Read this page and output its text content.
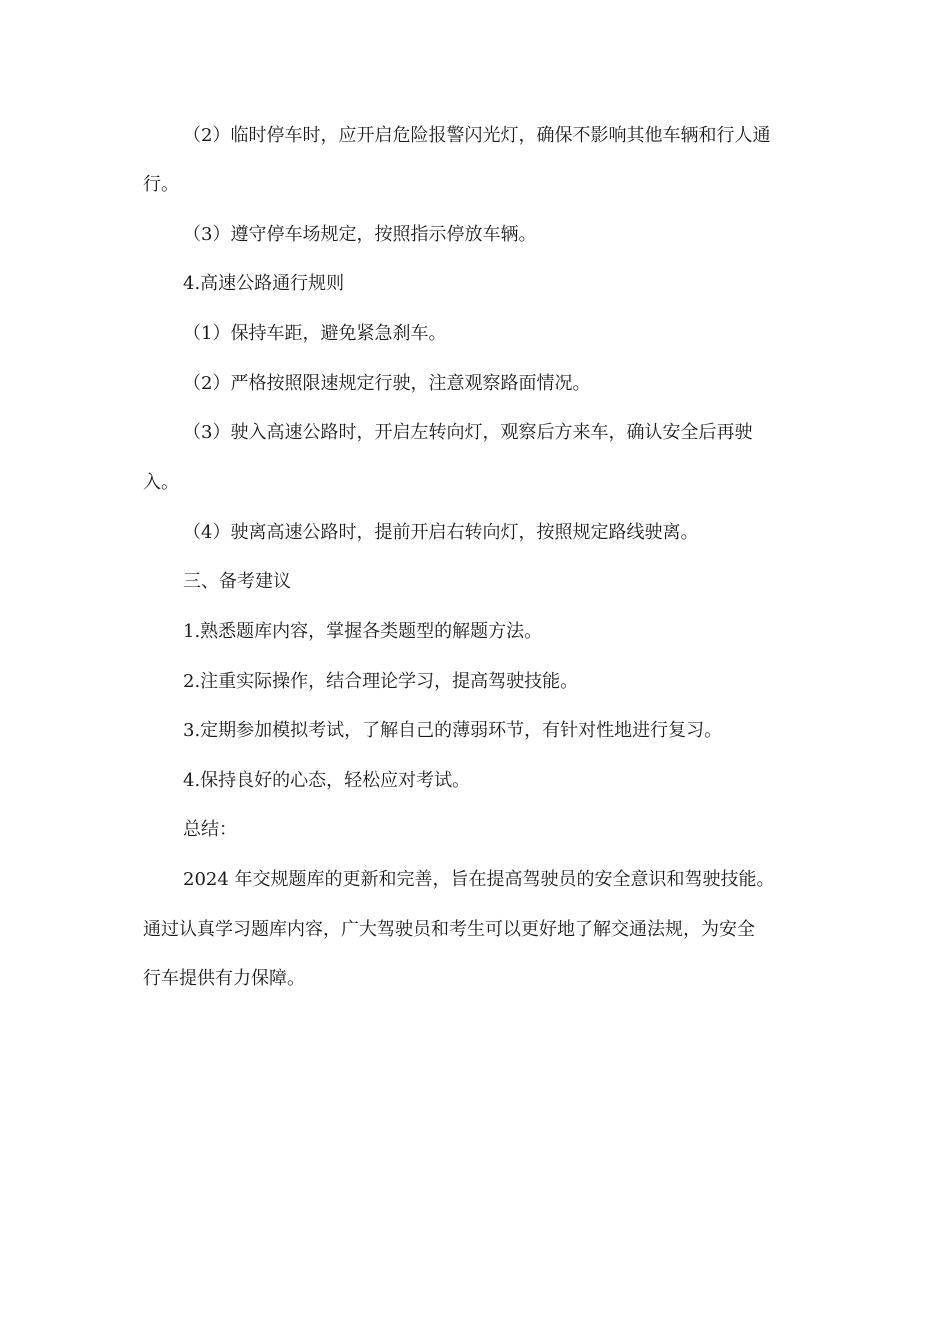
（2）临时停车时，应开启危险报警闪光灯，确保不影响其他车辆和行人通
行。
（3）遵守停车场规定，按照指示停放车辆。
4.高速公路通行规则
（1）保持车距，避免紧急刹车。
（2）严格按照限速规定行驶，注意观察路面情况。
（3）驶入高速公路时，开启左转向灯，观察后方来车，确认安全后再驶
入。
（4）驶离高速公路时，提前开启右转向灯，按照规定路线驶离。
三、备考建议
1.熟悉题库内容，掌握各类题型的解题方法。
2.注重实际操作，结合理论学习，提高驾驶技能。
3.定期参加模拟考试，了解自己的薄弱环节，有针对性地进行复习。
4.保持良好的心态，轻松应对考试。
总结：
2024 年交规题库的更新和完善，旨在提高驾驶员的安全意识和驾驶技能。
通过认真学习题库内容，广大驾驶员和考生可以更好地了解交通法规，为安全
行车提供有力保障。
